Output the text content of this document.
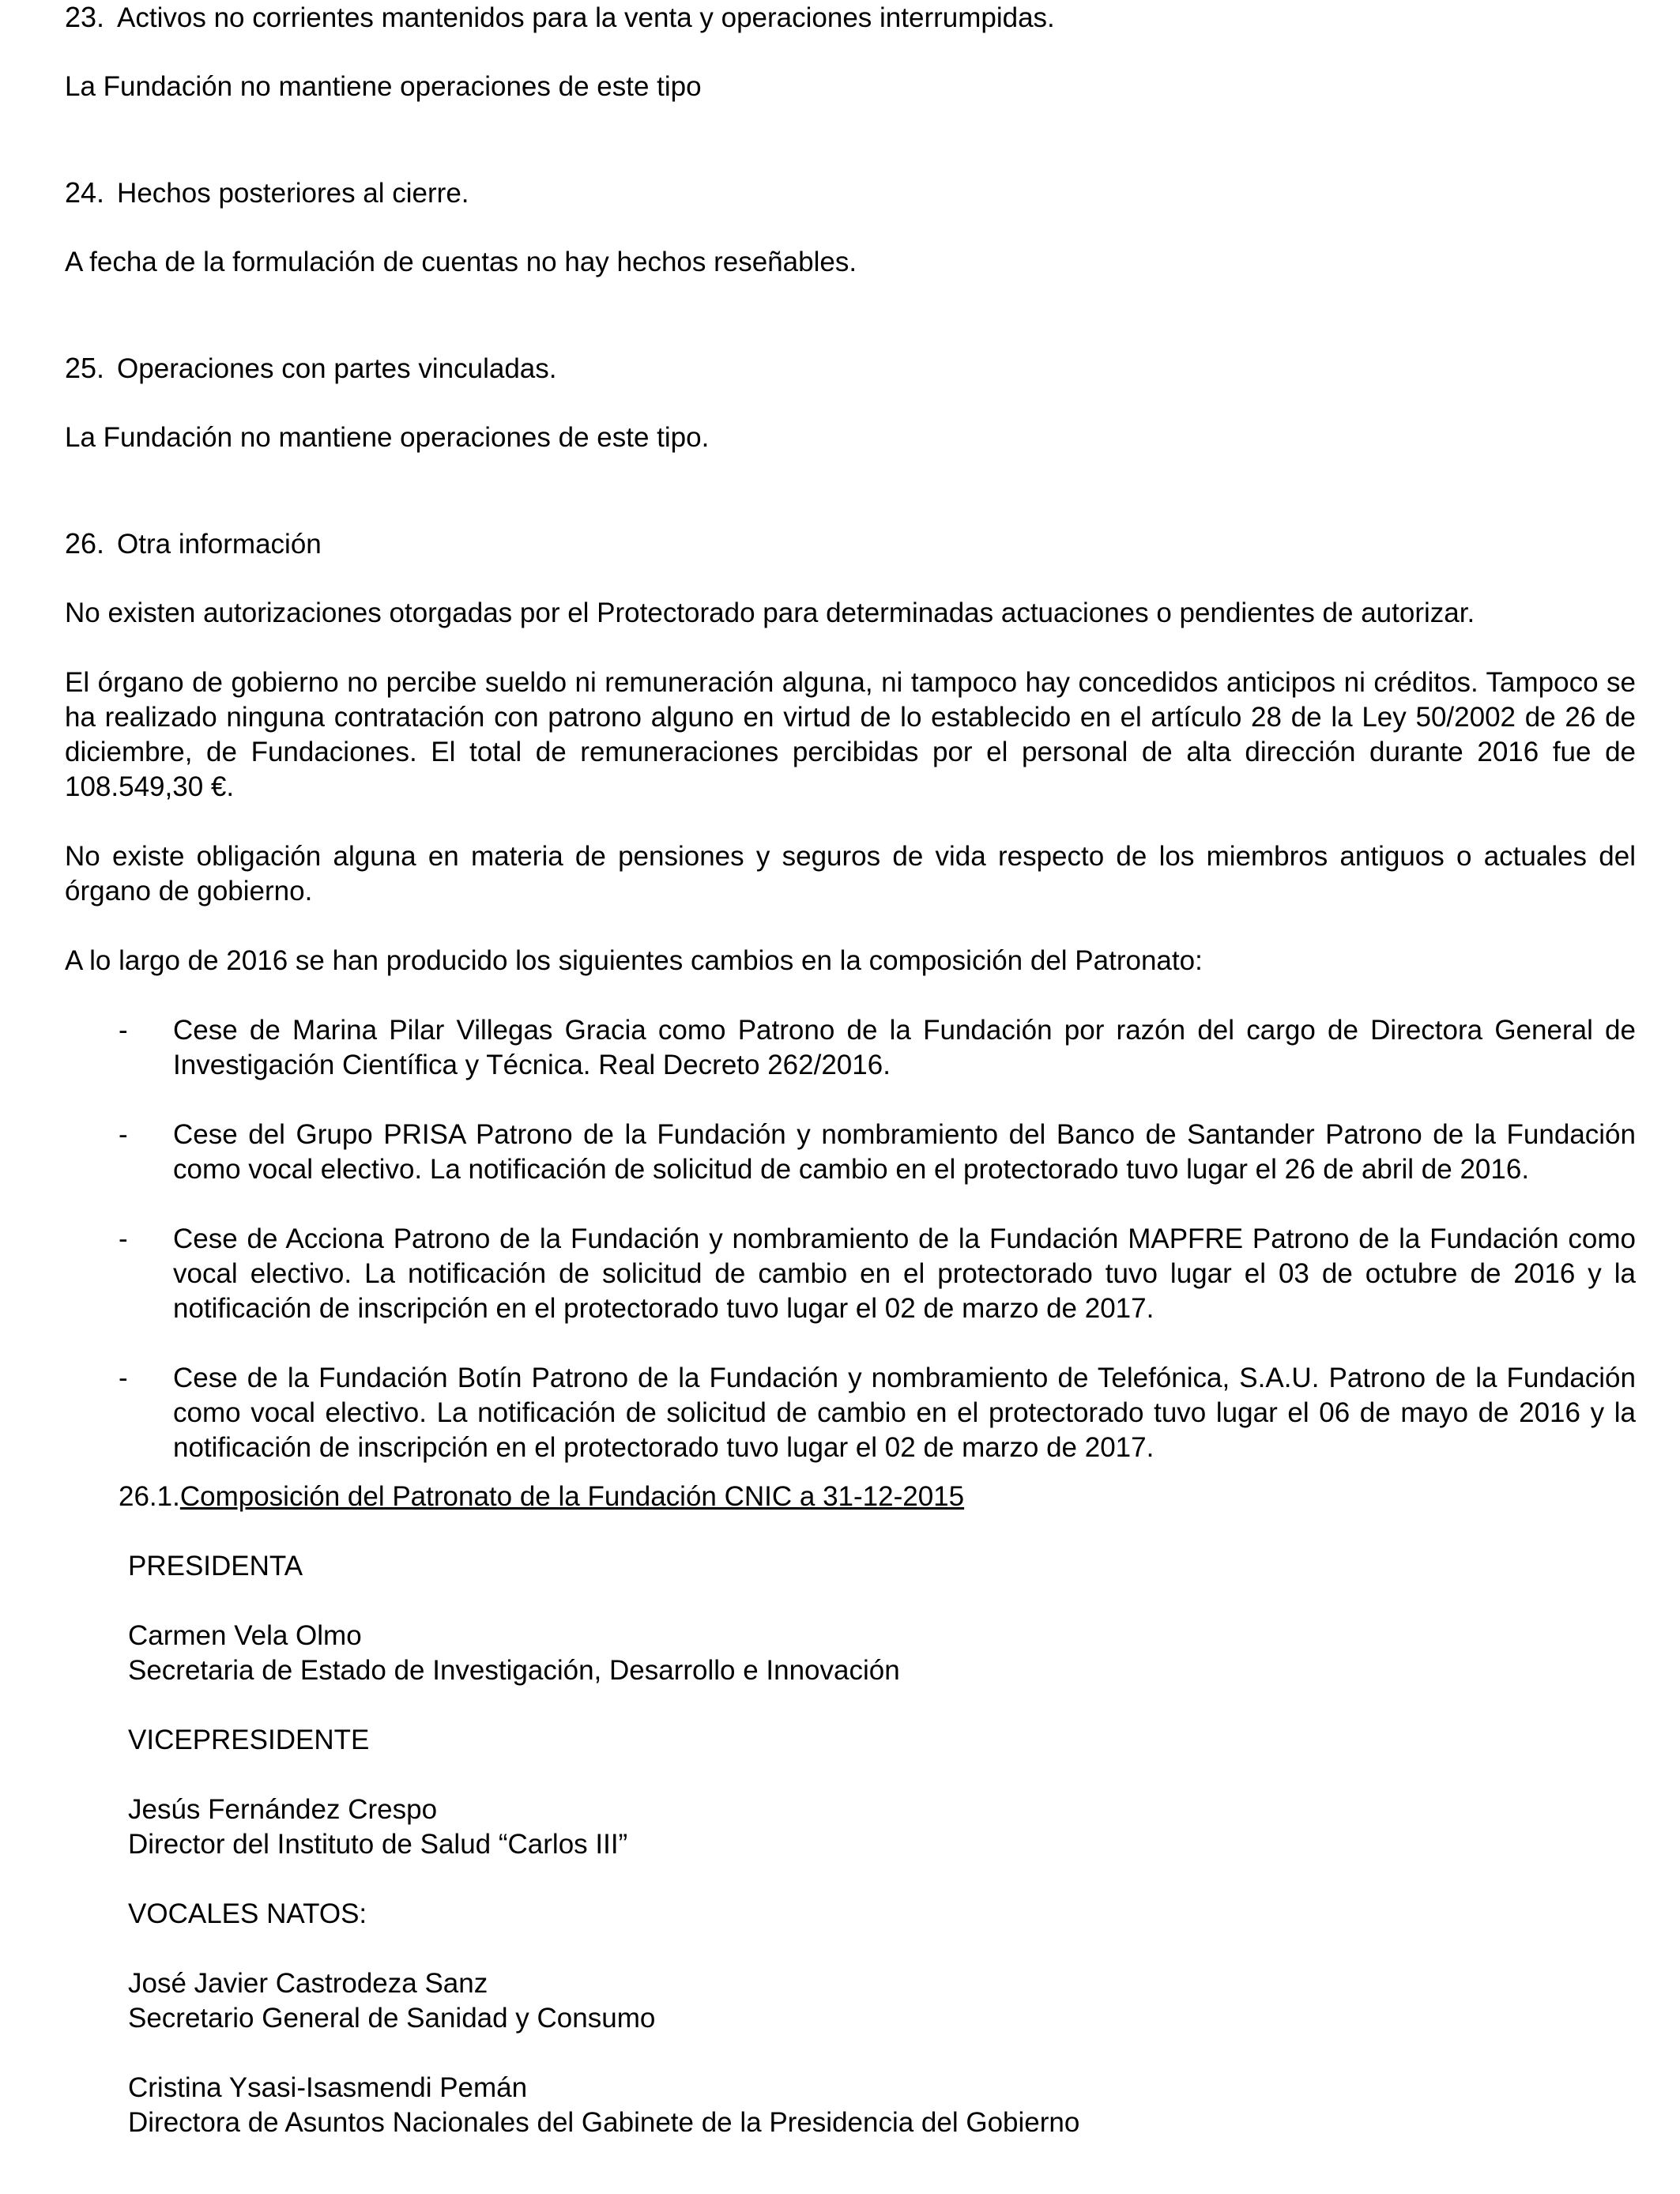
23. Activos no corrientes mantenidos para la venta y operaciones interrumpidas.

La Fundación no mantiene operaciones de este tipo

24. Hechos posteriores al cierre.

A fecha de la formulación de cuentas no hay hechos reseñables.

25. Operaciones con partes vinculadas.

La Fundación no mantiene operaciones de este tipo.

26. Otra información

No existen autorizaciones otorgadas por el Protectorado para determinadas actuaciones o pendientes de autorizar.

El órgano de gobierno no percibe sueldo ni remuneración alguna, ni tampoco hay concedidos anticipos ni créditos. Tampoco se ha realizado ninguna contratación con patrono alguno en virtud de lo establecido en el artículo 28 de la Ley 50/2002 de 26 de diciembre, de Fundaciones. El total de remuneraciones percibidas por el personal de alta dirección durante 2016 fue de 108.549,30 €.

No existe obligación alguna en materia de pensiones y seguros de vida respecto de los miembros antiguos o actuales del órgano de gobierno.

A lo largo de 2016 se han producido los siguientes cambios en la composición del Patronato:

- Cese de Marina Pilar Villegas Gracia como Patrono de la Fundación por razón del cargo de Directora General de Investigación Científica y Técnica. Real Decreto 262/2016.
- Cese del Grupo PRISA Patrono de la Fundación y nombramiento del Banco de Santander Patrono de la Fundación como vocal electivo. La notificación de solicitud de cambio en el protectorado tuvo lugar el 26 de abril de 2016.
- Cese de Acciona Patrono de la Fundación y nombramiento de la Fundación MAPFRE Patrono de la Fundación como vocal electivo. La notificación de solicitud de cambio en el protectorado tuvo lugar el 03 de octubre de 2016 y la notificación de inscripción en el protectorado tuvo lugar el 02 de marzo de 2017.
- Cese de la Fundación Botín Patrono de la Fundación y nombramiento de Telefónica, S.A.U. Patrono de la Fundación como vocal electivo. La notificación de solicitud de cambio en el protectorado tuvo lugar el 06 de mayo de 2016 y la notificación de inscripción en el protectorado tuvo lugar el 02 de marzo de 2017.

26.1.Composición del Patronato de la Fundación CNIC a 31-12-2015

PRESIDENTA

Carmen Vela Olmo

Secretaria de Estado de Investigación, Desarrollo e Innovación

VICEPRESIDENTE

Jesús Fernández Crespo

Director del Instituto de Salud “Carlos III”

VOCALES NATOS:

José Javier Castrodeza Sanz

Secretario General de Sanidad y Consumo

Cristina Ysasi-Isasmendi Pemán

Directora de Asuntos Nacionales del Gabinete de la Presidencia del Gobierno
